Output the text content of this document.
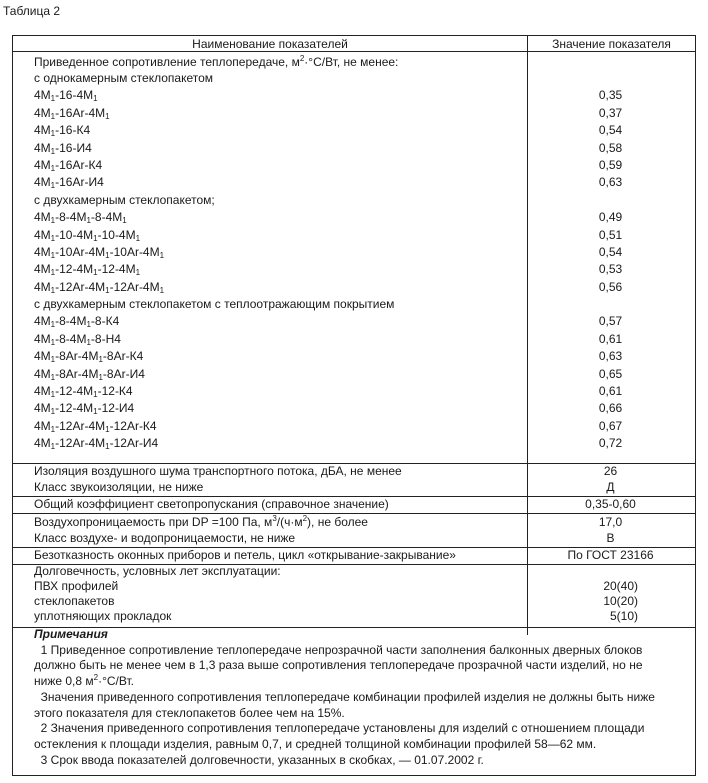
Таблица 2
Наименование показателей	Значение показателя
Приведенное сопротивление теплопередаче, $м^2\cdot^\circ С/Вт$, не менее:
с однокамерным стеклопакетом
$4М_1-16-4М_1$	0,35
$4М_1-16Ar-4М_1$	0,37
$4М_1-16-К4$	0,54
$4М_1-16-И4$	0,58
$4М_1-16Ar-К4$	0,59
$4М_1-16Ar-И4$	0,63
с двухкамерным стеклопакетом;
$4М_1-8-4М_1-8-4М_1$	0,49
$4М_1-10-4М_1-10-4М_1$	0,51
$4М_1-10Ar-4М_1-10Ar-4М_1$	0,54
$4М_1-12-4М_1-12-4М_1$	0,53
$4М_1-12Ar-4М_1-12Ar-4М_1$	0,56
с двухкамерным стеклопакетом с теплоотражающим покрытием
$4М_1-8-4М_1-8-К4$	0,57
$4М_1-8-4М_1-8-Н4$	0,61
$4М_1-8Ar-4М_1-8Ar-К4$	0,63
$4М_1-8Ar-4М_1-8Ar-И4$	0,65
$4М_1-12-4М_1-12-К4$	0,61
$4М_1-12-4М_1-12-И4$	0,66
$4М_1-12Ar-4М_1-12Ar-К4$	0,67
$4М_1-12Ar-4М_1-12Ar-И4$	0,72
Изоляция воздушного шума транспортного потока, дБА, не менее	26
Класс звукоизоляции, не ниже	Д
Общий коэффициент светопропускания (справочное значение)	0,35-0,60
Воздухопроницаемость при DP =100 Па, $м^3/(ч\cdot м^2)$, не более	17,0
Класс воздухе- и водопроницаемости, не ниже	В
Безотказность оконных приборов и петель, цикл «открывание-закрывание»	По ГОСТ 23166
Долговечность, условных лет эксплуатации:
ПВХ профилей	20(40)
стеклопакетов	10(20)
уплотняющих прокладок	5(10)

Примечания

1 Приведенное сопротивление теплопередаче непрозрачной части заполнения балконных дверных блоков

должно быть не менее чем в 1,3 раза выше сопротивления теплопередаче прозрачной части изделий, но не

ниже 0,8 $м^2\cdot^\circ С/Вт$.

Значения приведенного сопротивления теплопередаче комбинации профилей изделия не должны быть ниже

этого показателя для стеклопакетов более чем на 15%.

2 Значения приведенного сопротивления теплопередаче установлены для изделий с отношением площади

остекления к площади изделия, равным 0,7, и средней толщиной комбинации профилей 58—62 мм.

3 Срок ввода показателей долговечности, указанных в скобках, — 01.07.2002 г.
